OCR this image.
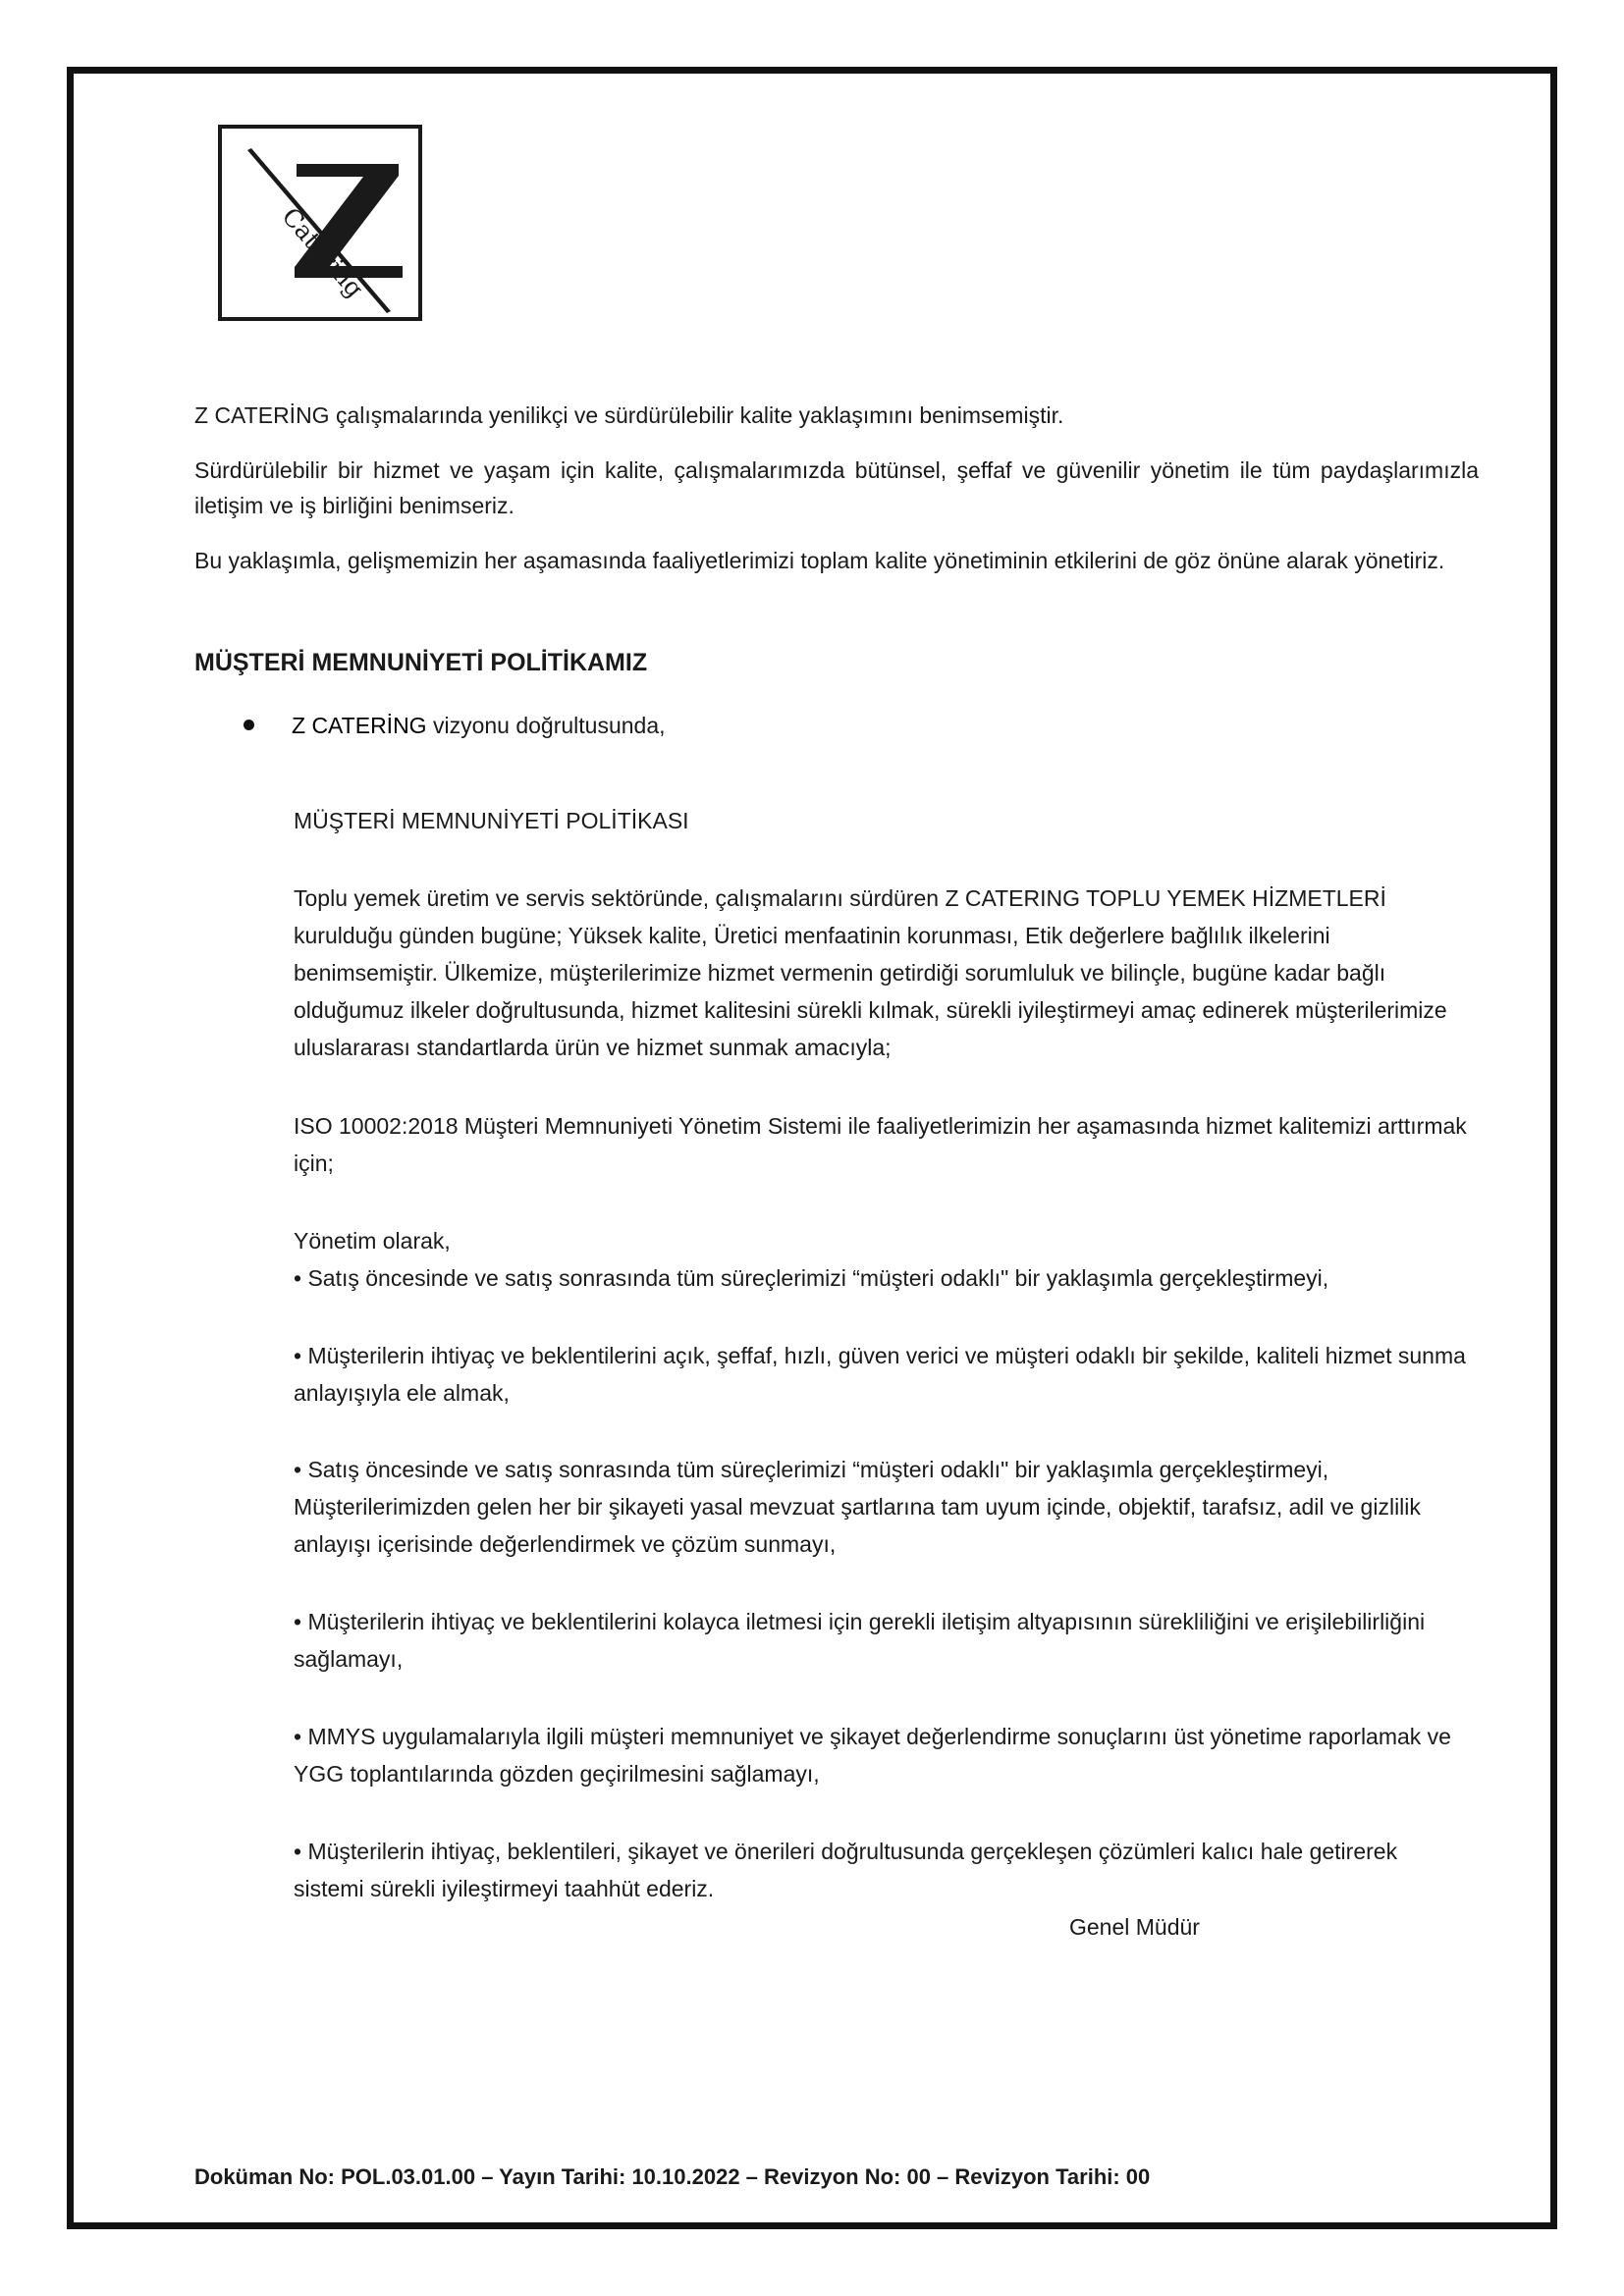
Catering

Z CATERİNG çalışmalarında yenilikçi ve sürdürülebilir kalite yaklaşımını benimsemiştir.

Sürdürülebilir bir hizmet ve yaşam için kalite, çalışmalarımızda bütünsel, şeffaf ve güvenilir yönetim ile tüm paydaşlarımızla iletişim ve iş birliğini benimseriz.

Bu yaklaşımla, gelişmemizin her aşamasında faaliyetlerimizi toplam kalite yönetiminin etkilerini de göz önüne alarak yönetiriz.

MÜŞTERİ MEMNUNİYETİ POLİTİKAMIZ
Z CATERİNG vizyonu doğrultusunda,

MÜŞTERİ MEMNUNİYETİ POLİTİKASI

Toplu yemek üretim ve servis sektöründe, çalışmalarını sürdüren Z CATERING TOPLU YEMEK HİZMETLERİ kurulduğu günden bugüne; Yüksek kalite, Üretici menfaatinin korunması, Etik değerlere bağlılık ilkelerini benimsemiştir. Ülkemize, müşterilerimize hizmet vermenin getirdiği sorumluluk ve bilinçle, bugüne kadar bağlı olduğumuz ilkeler doğrultusunda, hizmet kalitesini sürekli kılmak, sürekli iyileştirmeyi amaç edinerek müşterilerimize uluslararası standartlarda ürün ve hizmet sunmak amacıyla;

ISO 10002:2018 Müşteri Memnuniyeti Yönetim Sistemi ile faaliyetlerimizin her aşamasında hizmet kalitemizi arttırmak için;

Yönetim olarak,

• Satış öncesinde ve satış sonrasında tüm süreçlerimizi “müşteri odaklı" bir yaklaşımla gerçekleştirmeyi,

• Müşterilerin ihtiyaç ve beklentilerini açık, şeffaf, hızlı, güven verici ve müşteri odaklı bir şekilde, kaliteli hizmet sunma anlayışıyla ele almak,

• Satış öncesinde ve satış sonrasında tüm süreçlerimizi “müşteri odaklı" bir yaklaşımla gerçekleştirmeyi, Müşterilerimizden gelen her bir şikayeti yasal mevzuat şartlarına tam uyum içinde, objektif, tarafsız, adil ve gizlilik anlayışı içerisinde değerlendirmek ve çözüm sunmayı,

• Müşterilerin ihtiyaç ve beklentilerini kolayca iletmesi için gerekli iletişim altyapısının sürekliliğini ve erişilebilirliğini sağlamayı,

• MMYS uygulamalarıyla ilgili müşteri memnuniyet ve şikayet değerlendirme sonuçlarını üst yönetime raporlamak ve YGG toplantılarında gözden geçirilmesini sağlamayı,

• Müşterilerin ihtiyaç, beklentileri, şikayet ve önerileri doğrultusunda gerçekleşen çözümleri kalıcı hale getirerek sistemi sürekli iyileştirmeyi taahhüt ederiz.

Genel Müdür
Doküman No: POL.03.01.00 – Yayın Tarihi: 10.10.2022 – Revizyon No: 00 – Revizyon Tarihi: 00
